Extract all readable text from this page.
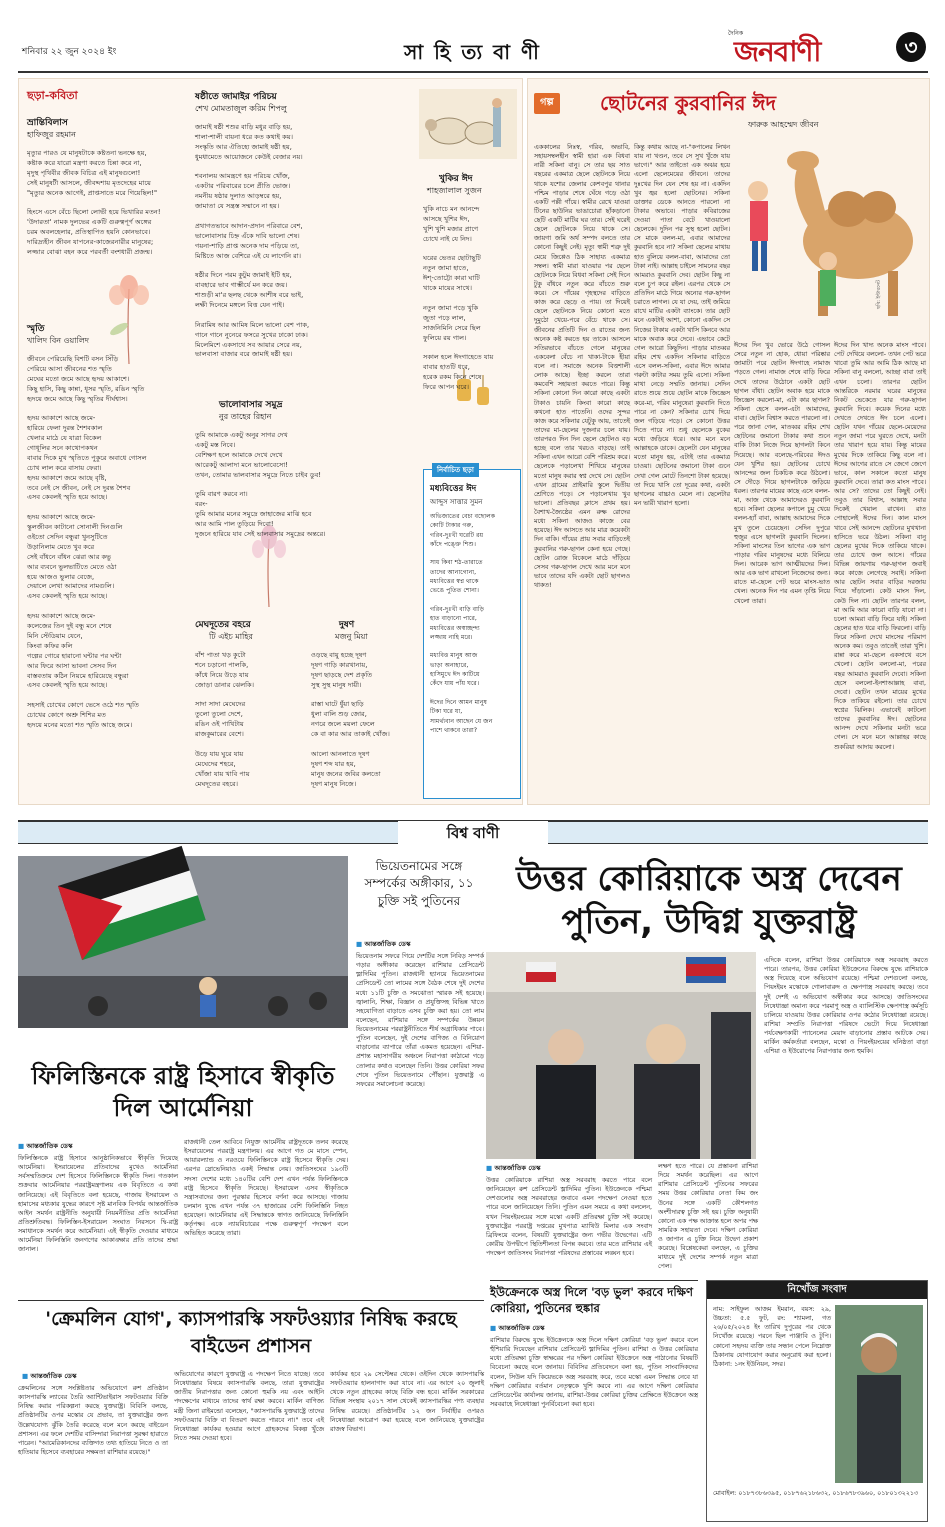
শনিবার ২২ জুন ২০২৪ ইং	সা হি ত্য বা ণী
দৈনিক
জনবাণী	৩
ছড়া-কবিতা
ভ্রান্তিবিলাস
হাফিজুর রহমান
মৃত্যুর পারও যে মানুষটাকে কষ্টতনা ভনক্ষে হয়,
কষ্টাক করে যারো মন্ত্রণা করতে চিন্না করে না,
মৃদুস্থ পৃথিবীর জীবক বিচিত্র এই মানুষগুলো!
সেই মানুষটী আসলে, জীবদ্দশায় মৃতদেহের মায়ে
"মৃত্যুর অনেক আগেই, প্রাপ্তসাতে মরে গিয়েছিল!"

হিংসে এসে বেঁচে ছিলো লোভী হয়ে ভিখারির মতন!
'উদারতা' নামক দুলভের একটি গুরুত্বপূর্ণ অঙ্গের
চরম অবলহেলার, প্রতিস্থাপিত হয়নি কোনভাবে।
দারিদ্র্যহীন জীবন যাপনের-কাজেরনারীর মানুষের;
লজ্জার বোঝা বহন করে পরবর্তী বংশধারী প্রজন্ম।
স্মৃতি
খালিদ বিন ওয়ালিদ
জীবনে পেরিয়েছি বিশটি বসন সিঁড়ি
পেরিয়ে আসা জীবনের শত স্মৃতি
মেঘের মতো জমে আছে হৃদয় আকাশে।
কিছু হাসি, কিছু কান্না, ধূসর স্মৃতি, রঙিন স্মৃতি
হৃদয়ে জমে আছে কিছু স্মৃতির দীর্ঘশ্বাস।

হৃদয় আকাশে আছে জমে-
হারিয়ে ফেলা দুরন্ত শৈশবকাল
খেলার মাঠে যে যাত্রা বিকেল
গোধূলির সনে কাথোপকথন
বাবার দিকে মুখ স্মৃতিতে পুকুরে অবাধে গোসল
চোখ লাল করে বাসায় ফেরা।
হৃদয় আকাশে জমে আছে বৃষ্টি,
তবে নেই সে জীবন, নেই সে দুরন্ত শৈশব
এসব কেবলই স্মৃতি হয়ে আছে।

হৃদয় আকাশে আছে জমে-
স্কুলজীবন কাটানো সোনালী দিনগুলি
ওইতো সেদিন বন্ধুরা খুনসুটিতে
উড়ানিলাম মেতে খুব করে
সেই বাঁধনে বাঁধন ঝেরা আর কভু
আর ব্যবনে ভুলভাটিতে মেতে ওঠা
হয়ে আজও ভুলার বেজে,
দেয়ালে লেখা আমাদের নামগুলি।
এসব কেবলই স্মৃতি হয়ে আছে।

হৃদয় আকাশে আছে জমে-
কলেজের তিন দুই বন্ধু মনে শেষে
মিনি স্টেডিয়াম যেনে,
কিংবা কফির কলি
গল্পের গোরে হারানো ঘন্টার পর ঘন্টা
আর ফিরে আসা ভাবনা সেসব দিন
বাস্তবতায় কঠিন নিয়মে হারিয়েছে বন্ধুরা
এসব কেবলই স্মৃতি হয়ে আছে।

সহসাই চোখের কোণে ভেসে ওঠে শত স্মৃতি
চোখের কোণে অশ্রু শিশির মত
হৃদয়ে মনের মতো শত স্মৃতি আছে জমে।
ষষ্ঠীতে জামাইর পরিচয়
শেখ মোমতাজুল করিম শিপলু
জামাই ষষ্ঠী শশুর বাড়ি মধুর বাড়ি হয়,
শালা-শালী বায়না ধরে কত কথাই কয়।
সংস্কৃতি আর ঐতিহ্যে জামাই ষষ্ঠী হয়,
ধুমধামেতে আয়োজনে কেউই বেজার নয়।

শবনালয় আমন্ত্রণে হয় পরিচয় খোঁজ,
একটার পরিবারের চলে প্রীতি ভোজ।
নমনীয় ষষ্ঠার দুলাত আড়ম্বরে হয়,
জামাতা যে সন্ত্রস্ত সম্মানে না হয়।

প্রথাগতভাবে আদান-প্রদান পরিবারে বেশ,
ভালোবাসার চিহ্ন এঁকে দাবি ভালো শেষ।
গয়না-শাড়ি প্রাপ্ত অনেক দাম পড়িয়ে তা,
মিষ্টিতে আজ বেশিরে এই যে লাগেনি রা।

ষষ্ঠীর দিনে পরম কুটুম জামাই ইটি হয়,
বাবহারে ভাব গাম্ভীর্যে মন করে জয়।
শাশুড়ী মা'র ছলছ থেকে আশীষ বরে ভাই,
লক্ষী দিনেমে মঙ্গলে বিত্ত যেন পাই।

নিরামিষ আর আমিষ মিলে ভালো বেশ পাক,
গানে গানে নুনেরে ফসরে সুখের ঢাকো ঢাক।
মিলেমিশে একসাথে সব আয়ার সেরে নয়,
ভালবাসা বাজার বরে জামাই ষষ্ঠী হয়।
ভালোবাসার সমুদ্র
নুর তাহের রিহান
তুমি আমাকে একটু অনুর সাগর দেখ
একটু মস্ত নিবে।
বেশিক্ষণ হলে আমাকে দেখে দেখে
আরেকটু আলাদা মনে ভালোবেসো!
তখন, তোমার ভালবাসার সমুদ্রে নিতে চাইব ডুব!

তুমি বারণ করবে না।
বরং-
তুমি আমার মনের সমুদ্রে জাহাজের মাঝি হবে
আর আমি পাল তুড়িয়ে দিবো!
দুজনে হারিয়ে যাব সেই ভালবাসার সমুদ্রের অন্তরে।
খুকির ঈদ
শাহজালাল সুজন
খুকি নাচে মন আনন্দে
আসছে খুশির ঈদ,
খুশি খুশি মজার প্রাণে
চোখে নাই যে নিদ।

ঘরের ভেতর ছোটাছুটি
নতুন জামা হাতে,
ঈশ্-তোট্টো কারা ঘাটি
খাকে মায়ের সাথে।

নতুন জামা পড়ে খুকি
জুতা পড়ে লাল,
সাজনিমিনি সেরে ছিল
ফুলিয়ে রয় গাল।

সকাল হলে ঈদগাহেতে যায়
বাবার হাতটি ধরে,
হরেক রকম কিনে শেষে
ফিরে আপন ঘরে।
মেঘদূতের বহরে
টি এইচ মাহির
বাঁশ পাতা খড় কুটো
শনে চড়ানো পালকি,
কাঁধে নিয়ে উড়ে যায়
জোড়া ডানার ঝেলকি।

সাদা সাদা মেঘেদের
তুলো তুলো দেশে,
রঙিন ওই পাখিটায়
রাজকুমারের বেশে।

উড়ে যায় ঘুরে যায়
মেঘেদের শহরে,
খোঁজা যায় খাবি পায়
মেঘদূতের বহরে।
দুষণ
মজনু মিয়া
ওড়ছে বায়ু হচ্ছে দূষণ
দূষণ গাড়ি কারখানায়,
দূষণ ছাড়ছে দেশ প্রকৃতি
সুস্থ সুস্থ মানুষ দায়ী।

রাস্তা ঘাটে ধুঁয়া ছাড়ি
ধুলা বালি শুড় জোর,
নগরে জলে ময়লা ফেলে
কে বা কার আর তাকাই খোঁজ।

আলো আনলাতে দূষণ
দুষণ শব্দ যার হয়,
মানুষ জনের জবির কলতো
দূষণ মানুষ নিজে।
নির্বাচিত ছড়া
মধ্যবিত্তের ঈদ
আব্দুস সাত্তার সুমন
অভিজাতের বেচা বছোলক
কোটি টাকার গরু,
গরিব-দুঃখী ঘরেটি রয়
কাঁদে পঙ্ক্তে শিশু।

সাধ কিবা শঠ-তারাতে
তাদের আনাগোনা,
মধ্যবিত্তের স্বপ্ন থাকে
ভেঙে পুতিত শোনা।

গরিব-দুঃখী বাড়ি বাড়ি
হাত বাড়ানো পারে,
মধ্যবিত্তের অস্বাচ্ছন্দ্য
লজ্জায় নাহি মরে।

মধ্যবিত্ত মানুষ আজ
ভাড়া অনাহারে,
হাসিমুখে ঈদ কাটিয়ে
কেঁদে যায় পাঁয় ঘরে।

ঈদের দিনে আমন মানুষ
টিকা ঘরে যা,
সামর্থ্যবান আছেন যে জন
পাশে থাকবে তারা?
গল্প	ছোটনের কুরবানির ঈদ
ফারুক আহম্মেদ জীবন
ছবি: ইন্টারনেট
এককালের নিঃস্ব, গরিব, অভাবি, সহায়সম্বলহীন স্বামী হারা এক বিধবা নারী সকিনা বানু। সে তার ছয় সাত বছরের একমাত্র ছেলে ছোটনকে নিয়ে থাকে যশোর জেলার কেশবপুর থানার পশ্চিম পাড়ার শেষে ঘেঁষে গড়ে ওঠা একটি পল্লী গাঁয়ে। স্বামীর রেখে যাওয়া টিনের ছাউনির ভাঙাচোরা ছাঁকড়ানো ছেটি একটি মাটির ঘর তার। সেই ঘরেই ছেলে ছোটনকে নিয়ে থাকে সে। জায়গা জমি অর্থ সম্পদ বলতে তার কোনো কিছুই নেই। মৃত্যু স্বামী শত্রু দুই মেয়ে জিপ্পেও ঠিক সাহায্য একমাত্র সম্বল। স্বামী মারা যাওয়ার পর ছেলে ছোটনকে নিয়ে বিধবা সকিনা সেই দিনে টুকু বাঁধবে নতুন করে বাঁচতে শুরু করে। সে গাঁয়ের গৃহস্থদের বাড়িতে কাজ করে ছেড়ে ও পায়। তা দিয়েই ছেলে ছোটনকে নিয়ে কোনো মতে দুমুঠো খেয়ে-পরে বেঁচে থাকে সে। জীবনের প্রতিটি দিন ও রাতের জন্য অনেক কষ্ট করতে হয় তাকে। আসলে সতিরভাবে বাঁচতে গেলে মানুষের একবেলা বেঁচে না খাকা-টাকে হীয়া বলে না। সমাজে অনেক বিত্তশালী লোক আছে। ইচ্ছা করলে তারা কমবেশি সহায়তা করতে পারে। কিন্তু সকিনা কোনো দিন কারো কাছে একটা টাকাও চায়নি কিংবা কারো কাছে কখনো হাত পাতেনি। ওদের সুন্দর কাজ করে সকিনার যেটুকু আয়, তাতেই তাদের মা-ছেলের দুজনার চলে যায়। তারপরও দিন দিন ছেলে ছোটনও বড় হচ্ছে বলে তার খরচও বাড়ছে। তাই সকিনা এখন আরো বেশি পরিশ্রম করে। ছেলেকে পড়ালেখা শিখিয়ে মানুষের মতো মানুষ করার স্বপ্ন দেখে সে। ছোটন এখন গ্রামের প্রাইমারি স্কুলে দ্বিতীয় শ্রেণিতে পড়ে। সে পড়ালেখায় খুব ভালো। প্রতিবছর ক্লাসে প্রথম হয়। বৈশাখ-জ্যৈষ্ঠের এমন রুক্ষ রোদের মধ্যে সকিনা আজও কাজে বের হয়েছে। ঈদ আসতে আর মাত্র কয়েকটা দিন বাকি। গাঁয়ের প্রায় সবার বাড়িতেই কুরবানির গরু-ছাগল কেনা হয়ে গেছে। ছোটন রোজ বিকেলে মাঠে দাঁড়িয়ে সেসব গরু-ছাগল দেখে আর মনে মনে ভাবে তাদের যদি একটা ছোট ছাগলও থাকত!
কিন্তু কথায় আছে না-"কপালের লিখন যায় না খণ্ডন, তবে সে সুখ খুঁজে যায় ভাগে।" আর তাইতো এক অঝর হয়ে এলো ছেলেমেয়ের জীবনে। তাদের দুঃখের দিন যেন শেষ হয় না। একদিন খুব জ্বর হলো ছোটনের। সকিনা ডাক্তার ডেকে আনতে পারলো না টাকার অভাবে। পাড়ার কবিরাজের দেওয়া পাতা বেটে খাওয়ালো ছেলেকে। দুদিন পর সুস্থ হলো ছোটন। সে মাকে বলল-মা, এবার আমাদের কুরবানি হবে না? সকিনা ছেলের মাথায় হাত বুলিয়ে বলল-বাবা, আমাদের তো টাকা নাই। আল্লাহ চাইলে সামনের বছর আমরাও কুরবানি দেব। ছোটন কিছু না বলে চুপ করে রইল। এরপর থেকে সে প্রতিদিন মাঠে গিয়ে অন্যের গরু-ছাগল চরাতে লাগল। যে যা দেয়, তাই জমিয়ে রাখে মাটির একটা ব্যাংকে। তার ছোট মনে একটাই আশা, কোনো একদিন সে নিজের টাকায় একটা খাসি কিনবে আর মাকে অবাক করে দেবে। এভাবে কেটে গেল আরো কিছুদিন। পাড়ার মাতব্বর রহিম শেখ একদিন সকিনার বাড়িতে এসে বলল-সকিনা, এবার ঈদে আমার গরুটা কাটার সময় তুমি এসো। সকিনা মাথা নেড়ে সম্মতি জানায়। সেদিন রাতে শুয়ে শুয়ে ছোটন মাকে জিজ্ঞেস করে-মা, গরিব মানুষেরা কুরবানি দিতে পারে না কেন? সকিনার চোখ দিয়ে জল গড়িয়ে পড়ে। সে কোনো উত্তর দিতে পারে না। শুধু ছেলেকে বুকের মধ্যে জড়িয়ে ধরে। আর মনে মনে আল্লাহকে ডাকে। ছেলেটা যেন মানুষের মতো মানুষ হয়, এটাই তার একমাত্র চাওয়া। ছোটনের জমানো টাকা গুনে দেখা গেল মোটে তিনশো টাকা হয়েছে। তা দিয়ে খাসি তো দূরের কথা, একটা ছাগলের বাচ্চাও মেলে না। ছেলেটার মন ভারী খারাপ হলো।
ঈদের দিন খুব ভোরে উঠে গোসল সেরে নতুন না হোক, ধোয়া পরিষ্কার জামাটা পরে ছোটন ঈদগাহে নামাজ পড়তে গেল। নামাজ শেষে বাড়ি ফিরে দেখে তাদের উঠোনে একটা ছোট ছাগল বাঁধা। ছোটন অবাক হয়ে মাকে জিজ্ঞেস করলো-মা, এটা কার ছাগল? সকিনা হেসে বলল-এটা আমাদের, বাবা। ছোটন বিশ্বাস করতে পারলো না। পরে জানা গেল, মাতব্বর রহিম শেখ ছোটনের জমানো টাকার কথা শুনে বাকি টাকা নিজে দিয়ে ছাগলটা কিনে দিয়েছে। আর বলেছে-গরিবের ঈদও যেন খুশির হয়। ছোটনের চোখে আনন্দের জল চিকচিক করে উঠলো। সে দৌড়ে গিয়ে ছাগলটাকে জড়িয়ে ধরল। তারপর মায়ের কাছে এসে বলল-মা, আজ থেকে আমাদেরও কুরবানি হবে। সকিনা ছেলের কপালে চুমু খেয়ে বলল-হ্যাঁ বাবা, আল্লাহ আমাদের দিকে মুখ তুলে চেয়েছেন। সেদিন দুপুরে হুজুর এসে ছাগলটা কুরবানি দিলেন। সকিনা মাংসের তিন ভাগের এক ভাগ পাড়ার গরিব মানুষদের মধ্যে বিলিয়ে দিল। আরেক ভাগ আত্মীয়দের দিল। আর এক ভাগ রাখলো নিজেদের জন্য। রাতে মা-ছেলে পেট ভরে মাংস-ভাত খেল। অনেক দিন পর এমন তৃপ্তি নিয়ে খেলো তারা।
ঈদের দিন খাদ্য অনেক মাংস পাবে। পেট দেখিয়ে বললো- তখন পেট ভরে খাবো তুমি আর আমি ঠিক আছে মা সকিনা বানু বললো, আচ্ছা বাবা তাই এখন চলো। তারপর ছোটন আন্তরিকে নরমার ঘরের মানুষের নিকট ভেকেতে যার গরু-ছাগল কুরবানি দিবে। কয়েক দিনের মধ্যে দেখতে দেখতে ঈদ চলে এলো। ছোটন যখন গাঁয়ের ছেলে-মেয়েদের নতুন জামা পরে ঘুরতে দেখে, মনটা তার খারাপ হয়ে যায়। কিন্তু মায়ের মুখের দিকে তাকিয়ে কিছু বলে না। ঈদের আগের রাতে সে জেগে জেগে ভাবে, কাল সকালে কতো মানুষ কুরবানি দেবে। তারা কত মাংস পাবে। আর সে? তাদের তো কিছুই নেই। তবুও তার বিশ্বাস, আল্লাহ সবার দিকেই খেয়াল রাখেন। রাত পোহালেই ঈদের দিন। কাল মাংস খাবে সেই আনন্দে ছোটনের মুখখানা হাসিতে ভরে উঠল। সকিনা বানু ছেলের মুখের দিকে তাকিয়ে থাকে। তার চোখে জল আসে। গাঁয়ের বিভিন্ন জায়গায় গরু-ছাগল জবাই করে কাজে লেগেছে সবাই। সকিনা আর ছোটন সবার বাড়ির দরজায় গিয়ে দাঁড়ালো। কেউ মাংস দিল, কেউ দিল না। ছোটন তারপর বলল, মা আমি আর কারো বাড়ি যাবো না। চলো আমরা বাড়ি ফিরে যাই। সকিনা ছেলের হাত ধরে বাড়ি ফিরলো। বাড়ি ফিরে সকিনা দেখে মাংসের পরিমাণ অনেক কম। তবুও তাতেই তারা খুশি। রান্না করে মা-ছেলে একসাথে বসে খেলো। ছোটন বললো-মা, পরের বছর আমরাও কুরবানি দেবো। সকিনা হেসে বললো-ইনশাআল্লাহ বাবা, দেবো। ছোটন তখন মায়ের মুখের দিকে তাকিয়ে রইলো। তার চোখে স্বপ্নের ঝিলিক। এভাবেই কাটলো তাদের কুরবানির ঈদ। ছোটনের আনন্দ দেখে সকিনার মনটা ভরে গেল। সে মনে মনে আল্লাহর কাছে শুকরিয়া আদায় করলো।
বিশ্ব বাণী
ফিলিস্তিনকে রাষ্ট্র হিসাবে স্বীকৃতি দিল আর্মেনিয়া
■ আন্তর্জাতিক ডেস্ক
ফিলিস্তিনকে রাষ্ট্র হিসাবে আনুষ্ঠানিকভাবে স্বীকৃতি দিয়েছে আর্মেনিয়া। ইসরায়েলের প্রতিবাদের মুখেও আর্মেনিয়া সর্বসম্মতিক্রমে দেশ হিসেবে ফিলিস্তিনকে স্বীকৃতি দিল। গতকাল শুক্রবার আর্মেনিয়ার পররাষ্ট্রমন্ত্রণালয় এক বিবৃতিতে এ কথা জানিয়েছে। এই বিবৃতিতে বলা হয়েছে, গাজায় ইসরায়েল ও হামাসের মধ্যকার যুদ্ধের কারণে সৃষ্ট মানবিক বিপর্যয় আন্তর্জাতিক আইন সমর্থন রাষ্ট্রনীতি অনুযায়ী নিয়মনীতির প্রতি আর্মেনিয়া প্রতিশ্রুতিবদ্ধ। ফিলিস্তিন-ইসরায়েল সংঘাত নিরসনে দ্বি-রাষ্ট্র সমাধানকে সমর্থন করে আর্মেনিয়া। এই স্বীকৃতি দেওয়ার মাধ্যমে আর্মেনিয়া ফিলিস্তিনি জনগণের আকাঙ্ক্ষার প্রতি তাদের শ্রদ্ধা জানাল।
রাজধানী তেল আবিবে নিযুক্ত আর্মেনীয় রাষ্ট্রদূতকে তলব করেছে ইসরায়েলের পররাষ্ট্র মন্ত্রণালয়। এর আগে গত মে মাসে স্পেন, আয়ারল্যান্ড ও নরওয়ে ফিলিস্তিনকে রাষ্ট্র হিসেবে স্বীকৃতি দেয়। এরপর স্লোভেনিয়াও একই সিদ্ধান্ত নেয়। জাতিসংঘের ১৯৩টি সদস্য দেশের মধ্যে ১৪০টির বেশি দেশ এখন পর্যন্ত ফিলিস্তিনকে রাষ্ট্র হিসেবে স্বীকৃতি দিয়েছে। ইসরায়েল এসব স্বীকৃতিকে সন্ত্রাসবাদের জন্য পুরস্কার হিসেবে বর্ণনা করে আসছে। গাজায় চলমান যুদ্ধে এখন পর্যন্ত ৩৭ হাজারের বেশি ফিলিস্তিনি নিহত হয়েছেন। আর্মেনিয়ার এই সিদ্ধান্তকে স্বাগত জানিয়েছে ফিলিস্তিনি কর্তৃপক্ষ। একে ন্যায়বিচারের পক্ষে গুরুত্বপূর্ণ পদক্ষেপ বলে অভিহিত করেছে তারা।
ভিয়েতনামের সঙ্গে সম্পর্কের অঙ্গীকার, ১১ চুক্তি সই পুতিনের
■ আন্তর্জাতিক ডেস্ক
ভিয়েতনাম সফরে গিয়ে দেশটির সঙ্গে নিবিড় সম্পর্ক গড়ার অঙ্গীকার করেছেন রাশিয়ার প্রেসিডেন্ট ভ্লাদিমির পুতিন। রাজধানী হ্যানয়ে ভিয়েতনামের প্রেসিডেন্ট তো লামের সঙ্গে বৈঠক শেষে দুই দেশের মধ্যে ১১টি চুক্তি ও সমঝোতা স্মারক সই হয়েছে। জ্বালানি, শিক্ষা, বিজ্ঞান ও প্রযুক্তিসহ বিভিন্ন খাতে সহযোগিতা বাড়াতে এসব চুক্তি করা হয়। তো লাম বলেছেন, রাশিয়ার সঙ্গে সম্পর্কের উন্নয়ন ভিয়েতনামের পররাষ্ট্রনীতিতে শীর্ষ অগ্রাধিকার পাবে। পুতিন বলেছেন, দুই দেশের বাণিজ্য ও বিনিয়োগ বাড়ানোর ব্যাপারে তাঁরা একমত হয়েছেন। এশিয়া-প্রশান্ত মহাসাগরীয় অঞ্চলে নিরাপত্তা কাঠামো গড়ে তোলার কথাও বলেছেন তিনি। উত্তর কোরিয়া সফর শেষে পুতিন ভিয়েতনামে পৌঁছান। যুক্তরাষ্ট্র এ সফরের সমালোচনা করেছে।
উত্তর কোরিয়াকে অস্ত্র দেবেন পুতিন, উদ্বিগ্ন যুক্তরাষ্ট্র
■ আন্তর্জাতিক ডেস্ক
উত্তর কোরিয়াকে রাশিয়া অস্ত্র সরবরাহ করতে পারে বলে জানিয়েছেন রুশ প্রেসিডেন্ট ভ্লাদিমির পুতিন। ইউক্রেনকে পশ্চিমা দেশগুলোর অস্ত্র সরবরাহের জবাবে এমন পদক্ষেপ নেওয়া হতে পারে বলে জানিয়েছেন তিনি। পুতিন এমন সময়ে এ কথা বললেন, যখন পিয়ংইয়ংয়ের সঙ্গে মস্কো একটি প্রতিরক্ষা চুক্তি সই করেছে। যুক্তরাষ্ট্রের পররাষ্ট্র দপ্তরের মুখপাত্র ম্যাথিউ মিলার এক সংবাদ ব্রিফিংয়ে বলেন, বিষয়টি যুক্তরাষ্ট্রের জন্য গভীর উদ্বেগের। এটি কোরীয় উপদ্বীপে স্থিতিশীলতা বিপন্ন করবে। তার মতে রাশিয়ার এই পদক্ষেপ জাতিসংঘ নিরাপত্তা পরিষদের প্রস্তাবের লঙ্ঘন হবে।
লক্ষণ হতে পারে। যে প্রস্তাবনা রাশিয়া দিয়ে সমর্থন করেছিল। এর আগে রাশিয়ার প্রেসিডেন্ট পুতিনের সফরের সময় উত্তর কোরিয়ার নেতা কিম জং উনের সঙ্গে একটি কৌশলগত অংশীদারত্ব চুক্তি সই হয়। চুক্তি অনুযায়ী কোনো এক পক্ষ আক্রান্ত হলে অপর পক্ষ সামরিক সহায়তা দেবে। দক্ষিণ কোরিয়া ও জাপান এ চুক্তি নিয়ে উদ্বেগ প্রকাশ করেছে। বিশ্লেষকেরা বলছেন, এ চুক্তির মাধ্যমে দুই দেশের সম্পর্ক নতুন মাত্রা পেল।
এদিকে বলেন, রাশিয়া উত্তর কোরিয়াকে অস্ত্র সরবরাহ করতে পারে। তারপর, উত্তর কোরিয়া ইউক্রেনের বিরুদ্ধে যুদ্ধে রাশিয়াকে অস্ত্র দিয়েছে বলে অভিযোগ রয়েছে। পশ্চিমা দেশগুলো বলছে, পিয়ংইয়ং মস্কোকে গোলাবারুদ ও ক্ষেপণাস্ত্র সরবরাহ করছে। তবে দুই দেশই এ অভিযোগ অস্বীকার করে আসছে। জাতিসংঘের নিষেধাজ্ঞা অমান্য করে পরমাণু অস্ত্র ও ব্যালিস্টিক ক্ষেপণাস্ত্র কর্মসূচি চালিয়ে যাওয়ায় উত্তর কোরিয়ার ওপর কঠোর নিষেধাজ্ঞা রয়েছে। রাশিয়া সম্প্রতি নিরাপত্তা পরিষদে ভেটো দিয়ে নিষেধাজ্ঞা পর্যবেক্ষণকারী প্যানেলের মেয়াদ বাড়ানোর প্রস্তাব আটকে দেয়। মার্কিন কর্মকর্তারা বলছেন, মস্কো ও পিয়ংইয়ংয়ের ঘনিষ্ঠতা বাড়া এশিয়া ও ইউরোপের নিরাপত্তার জন্য হুমকি।
'ক্রেমলিন যোগ', ক্যাসপারস্কি সফটওয়্যার নিষিদ্ধ করছে বাইডেন প্রশাসন
■ আন্তর্জাতিক ডেস্ক
ক্রেমলিনের সঙ্গে সংশ্লিষ্টতার অভিযোগে রুশ প্রতিষ্ঠান ক্যাসপারস্কি ল্যাবের তৈরি অ্যান্টিভাইরাস সফটওয়্যার বিক্রি নিষিদ্ধ করার পরিকল্পনা করছে যুক্তরাষ্ট্র। বিবিসি বলছে, প্রতিষ্ঠানটির ওপর মস্কোর যে প্রভাব, তা যুক্তরাষ্ট্রের জন্য উল্লেখযোগ্য ঝুঁকি তৈরি করেছে বলে মনে করছে বাইডেন প্রশাসন। এর ফলে দেশটির বাসিন্দারা নিরাপত্তা সুরক্ষা হারাতে পারেন। "আমেরিকানদের ব্যক্তিগত তথ্য হাতিয়ে নিতে ও তা হাতিয়ার হিসেবে ব্যবহারের সক্ষমতা রাশিয়ার রয়েছে।"
অভিযোগের কারণে যুক্তরাষ্ট্র এ পদক্ষেপ নিতে যাচ্ছে। তবে নিষেধাজ্ঞার বিষয়ে ক্যাসপারস্কি বলছে, তারা যুক্তরাষ্ট্রের জাতীয় নিরাপত্তার জন্য কোনো হুমকি নয় এবং আইনি পদক্ষেপের মাধ্যমে তাদের স্বার্থ রক্ষা করবে। মার্কিন বাণিজ্য মন্ত্রী জিনা রাইমন্ডো বলেছেন, "ক্যাসপারস্কি যুক্তরাষ্ট্রে তাদের সফটওয়্যার বিক্রি বা বিতরণ করতে পারবে না।" তবে এই নিষেধাজ্ঞা কার্যকর হওয়ার আগে গ্রাহকদের বিকল্প খুঁজে নিতে সময় দেওয়া হবে।
কার্যকর হবে ২৯ সেপ্টেম্বর থেকে। ওইদিন থেকে ক্যাসপারস্কি সফটওয়্যার হালনাগাদ করা যাবে না। এর আগে ২০ জুলাই থেকে নতুন গ্রাহকের কাছে বিক্রি বন্ধ হবে। মার্কিন সরকারের বিভিন্ন সংস্থায় ২০১৭ সাল থেকেই ক্যাসপারস্কির পণ্য ব্যবহার নিষিদ্ধ রয়েছে। প্রতিষ্ঠানটির ১২ জন নির্বাহীর ওপরও নিষেধাজ্ঞা আরোপ করা হয়েছে বলে জানিয়েছে যুক্তরাষ্ট্রের রাজস্ব বিভাগ।
ইউক্রেনকে অস্ত্র দিলে 'বড় ভুল' করবে দক্ষিণ কোরিয়া, পুতিনের হুঙ্কার
■ আন্তর্জাতিক ডেস্ক
রাশিয়ার বিরুদ্ধে যুদ্ধে ইউক্রেনকে অস্ত্র দিলে দক্ষিণ কোরিয়া 'বড় ভুল' করবে বলে হুঁশিয়ারি দিয়েছেন রাশিয়ার প্রেসিডেন্ট ভ্লাদিমির পুতিন। রাশিয়া ও উত্তর কোরিয়ার মধ্যে প্রতিরক্ষা চুক্তি স্বাক্ষরের পর দক্ষিণ কোরিয়া ইউক্রেনে অস্ত্র পাঠানোর বিষয়টি বিবেচনা করছে বলে জানায়। বিবিসির প্রতিবেদনে বলা হয়, পুতিন সাংবাদিকদের বলেন, সিউল যদি কিয়েভকে অস্ত্র সরবরাহ করে, তবে মস্কো এমন সিদ্ধান্ত নেবে যা দক্ষিণ কোরিয়ার বর্তমান নেতৃত্বকে খুশি করবে না। এর আগে দক্ষিণ কোরিয়ার প্রেসিডেন্টের কার্যালয় জানায়, রাশিয়া-উত্তর কোরিয়া চুক্তির প্রেক্ষিতে ইউক্রেনে অস্ত্র সরবরাহে নিষেধাজ্ঞা পুনর্বিবেচনা করা হবে।
নিখোঁজ সংবাদ
নাম: সাইফুল আজম ইমরান, বয়স: ২৯, উচ্চতা: ৫.৫ ফুট, রং: শ্যামলা, গত ২৬/০৫/২০২৪ ইং তারিখ দুপুরের পর থেকে নিখোঁজ রয়েছে। পরনে ছিল পাঞ্জাবি ও টুপি। কোনো সহৃদয় ব্যক্তি তার সন্ধান পেলে নিম্নোক্ত ঠিকানায় যোগাযোগ করার অনুরোধ করা হলো। ঠিকানা: ১নং ইউনিয়ন, সদর।
মোবাইল: ০১৮৭৩৮৬৩৯৫, ০১৮৭৬২১৮৬৩২, ০১৮৬৭৮৩৯৬০, ০১৮০১৩২২১৩
